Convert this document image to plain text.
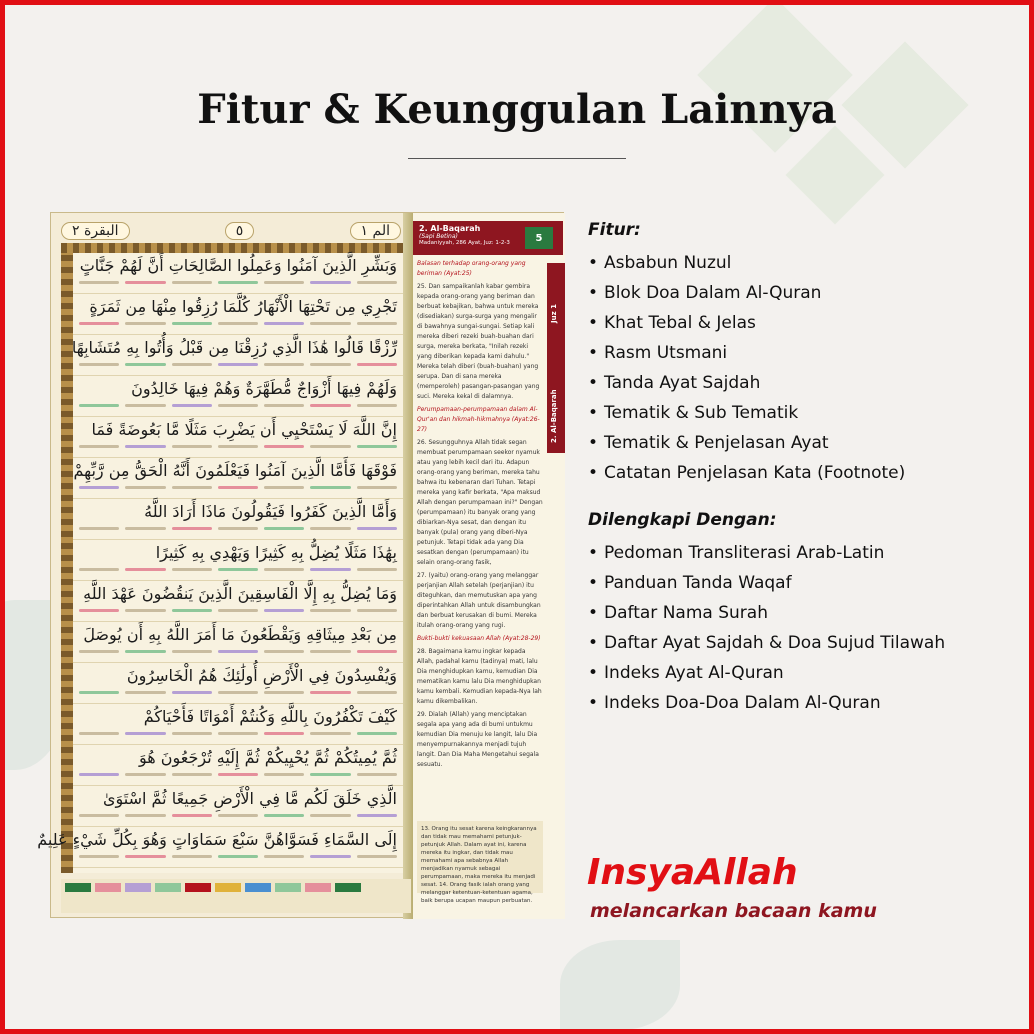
Fitur & Keunggulan Lainnya
البقرة ٢	٥	الم ١
وَبَشِّرِ الَّذِينَ آمَنُوا وَعَمِلُوا الصَّالِحَاتِ أَنَّ لَهُمْ جَنَّاتٍ
تَجْرِي مِن تَحْتِهَا الْأَنْهَارُ كُلَّمَا رُزِقُوا مِنْهَا مِن ثَمَرَةٍ
رِّزْقًا قَالُوا هَٰذَا الَّذِي رُزِقْنَا مِن قَبْلُ وَأُتُوا بِهِ مُتَشَابِهًا
وَلَهُمْ فِيهَا أَزْوَاجٌ مُّطَهَّرَةٌ وَهُمْ فِيهَا خَالِدُونَ
إِنَّ اللَّهَ لَا يَسْتَحْيِي أَن يَضْرِبَ مَثَلًا مَّا بَعُوضَةً فَمَا
فَوْقَهَا فَأَمَّا الَّذِينَ آمَنُوا فَيَعْلَمُونَ أَنَّهُ الْحَقُّ مِن رَّبِّهِمْ
وَأَمَّا الَّذِينَ كَفَرُوا فَيَقُولُونَ مَاذَا أَرَادَ اللَّهُ
بِهَٰذَا مَثَلًا يُضِلُّ بِهِ كَثِيرًا وَيَهْدِي بِهِ كَثِيرًا
وَمَا يُضِلُّ بِهِ إِلَّا الْفَاسِقِينَ الَّذِينَ يَنقُضُونَ عَهْدَ اللَّهِ
مِن بَعْدِ مِيثَاقِهِ وَيَقْطَعُونَ مَا أَمَرَ اللَّهُ بِهِ أَن يُوصَلَ
وَيُفْسِدُونَ فِي الْأَرْضِ أُولَٰئِكَ هُمُ الْخَاسِرُونَ
كَيْفَ تَكْفُرُونَ بِاللَّهِ وَكُنتُمْ أَمْوَاتًا فَأَحْيَاكُمْ
ثُمَّ يُمِيتُكُمْ ثُمَّ يُحْيِيكُمْ ثُمَّ إِلَيْهِ تُرْجَعُونَ هُوَ
الَّذِي خَلَقَ لَكُم مَّا فِي الْأَرْضِ جَمِيعًا ثُمَّ اسْتَوَىٰ
إِلَى السَّمَاءِ فَسَوَّاهُنَّ سَبْعَ سَمَاوَاتٍ وَهُوَ بِكُلِّ شَيْءٍ عَلِيمٌ
2. Al-Baqarah
(Sapi Betina)
Madaniyyah, 286 Ayat, Juz: 1-2-3	5
Juz 1
2. Al-Baqarah

Balasan terhadap orang-orang yang beriman (Ayat:25)

25. Dan sampaikanlah kabar gembira kepada orang-orang yang beriman dan berbuat kebajikan, bahwa untuk mereka (disediakan) surga-surga yang mengalir di bawahnya sungai-sungai. Setiap kali mereka diberi rezeki buah-buahan dari surga, mereka berkata, "Inilah rezeki yang diberikan kepada kami dahulu." Mereka telah diberi (buah-buahan) yang serupa. Dan di sana mereka (memperoleh) pasangan-pasangan yang suci. Mereka kekal di dalamnya.

Perumpamaan-perumpamaan dalam Al-Qur'an dan hikmah-hikmahnya (Ayat:26-27)

26. Sesungguhnya Allah tidak segan membuat perumpamaan seekor nyamuk atau yang lebih kecil dari itu. Adapun orang-orang yang beriman, mereka tahu bahwa itu kebenaran dari Tuhan. Tetapi mereka yang kafir berkata, "Apa maksud Allah dengan perumpamaan ini?" Dengan (perumpamaan) itu banyak orang yang dibiarkan-Nya sesat, dan dengan itu banyak (pula) orang yang diberi-Nya petunjuk. Tetapi tidak ada yang Dia sesatkan dengan (perumpamaan) itu selain orang-orang fasik,

27. (yaitu) orang-orang yang melanggar perjanjian Allah setelah (perjanjian) itu diteguhkan, dan memutuskan apa yang diperintahkan Allah untuk disambungkan dan berbuat kerusakan di bumi. Mereka itulah orang-orang yang rugi.

Bukti-bukti kekuasaan Allah (Ayat:28-29)

28. Bagaimana kamu ingkar kepada Allah, padahal kamu (tadinya) mati, lalu Dia menghidupkan kamu, kemudian Dia mematikan kamu lalu Dia menghidupkan kamu kembali. Kemudian kepada-Nya lah kamu dikembalikan.

29. Dialah (Allah) yang menciptakan segala apa yang ada di bumi untukmu kemudian Dia menuju ke langit, lalu Dia menyempurnakannya menjadi tujuh langit. Dan Dia Maha Mengetahui segala sesuatu.

13. Orang itu sesat karena keingkarannya dan tidak mau memahami petunjuk-petunjuk Allah. Dalam ayat ini, karena mereka itu ingkar, dan tidak mau memahami apa sebabnya Allah menjadikan nyamuk sebagai perumpamaan, maka mereka itu menjadi sesat. 14. Orang fasik ialah orang yang melanggar ketentuan-ketentuan agama, baik berupa ucapan maupun perbuatan.

Fitur:
• Asbabun Nuzul
• Blok Doa Dalam Al-Quran
• Khat Tebal & Jelas
• Rasm Utsmani
• Tanda Ayat Sajdah
• Tematik & Sub Tematik
• Tematik & Penjelasan Ayat
• Catatan Penjelasan Kata (Footnote)
Dilengkapi Dengan:
• Pedoman Transliterasi Arab-Latin
• Panduan Tanda Waqaf
• Daftar Nama Surah
• Daftar Ayat Sajdah & Doa Sujud Tilawah
• Indeks Ayat Al-Quran
• Indeks Doa-Doa Dalam Al-Quran
InsyaAllah
melancarkan bacaan kamu
